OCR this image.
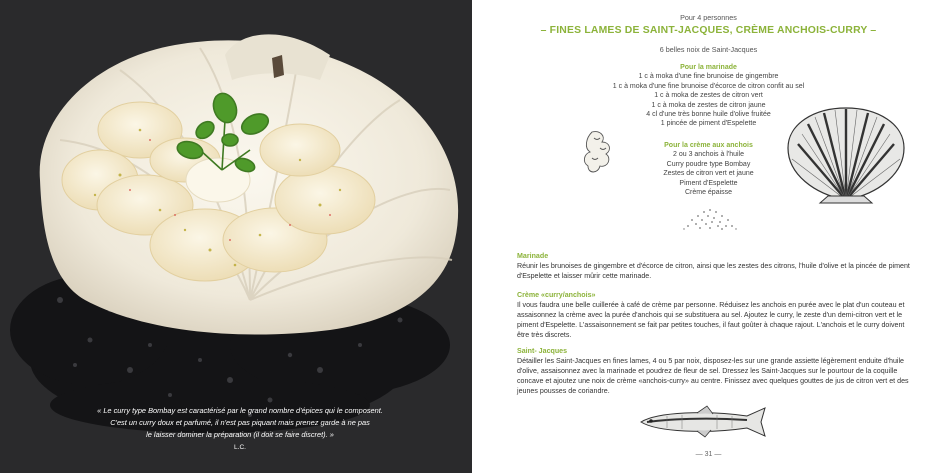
« Le curry type Bombay est caractérisé par le grand nombre d'épices qui le composent.
C'est un curry doux et parfumé, il n'est pas piquant mais prenez garde à ne pas
le laisser dominer la préparation (il doit se faire discret). »
L.C.
Pour 4 personnes
– FINES LAMES DE SAINT-JACQUES, CRÈME ANCHOIS-CURRY –
6 belles noix de Saint-Jacques
Pour la marinade
1 c à moka d'une fine brunoise de gingembre
1 c à moka d'une fine brunoise d'écorce de citron confit au sel
1 c à moka de zestes de citron vert
1 c à moka de zestes de citron jaune
4 cl d'une très bonne huile d'olive fruitée
1 pincée de piment d'Espelette
Pour la crème aux anchois
2 ou 3 anchois à l'huile
Curry poudre type Bombay
Zestes de citron vert et jaune
Piment d'Espelette
Crème épaisse
Marinade
Réunir les brunoises de gingembre et d'écorce de citron, ainsi que les zestes des citrons, l'huile d'olive et la pincée de piment d'Espelette et laisser mûrir cette marinade.
Crème «curry/anchois»
Il vous faudra une belle cuillerée à café de crème par personne. Réduisez les anchois en purée avec le plat d'un couteau et assaisonnez la crème avec la purée d'anchois qui se substituera au sel. Ajoutez le curry, le zeste d'un demi-citron vert et le piment d'Espelette. L'assaisonnement se fait par petites touches, il faut goûter à chaque rajout. L'anchois et le curry doivent être très discrets.
Saint- Jacques
Détailler les Saint-Jacques en fines lames, 4 ou 5 par noix, disposez-les sur une grande assiette légèrement enduite d'huile d'olive, assaisonnez avec la marinade et poudrez de fleur de sel. Dressez les Saint-Jacques sur le pourtour de la coquille concave et ajoutez une noix de crème «anchois-curry» au centre. Finissez avec quelques gouttes de jus de citron vert et des jeunes pousses de coriandre.
— 31 —
